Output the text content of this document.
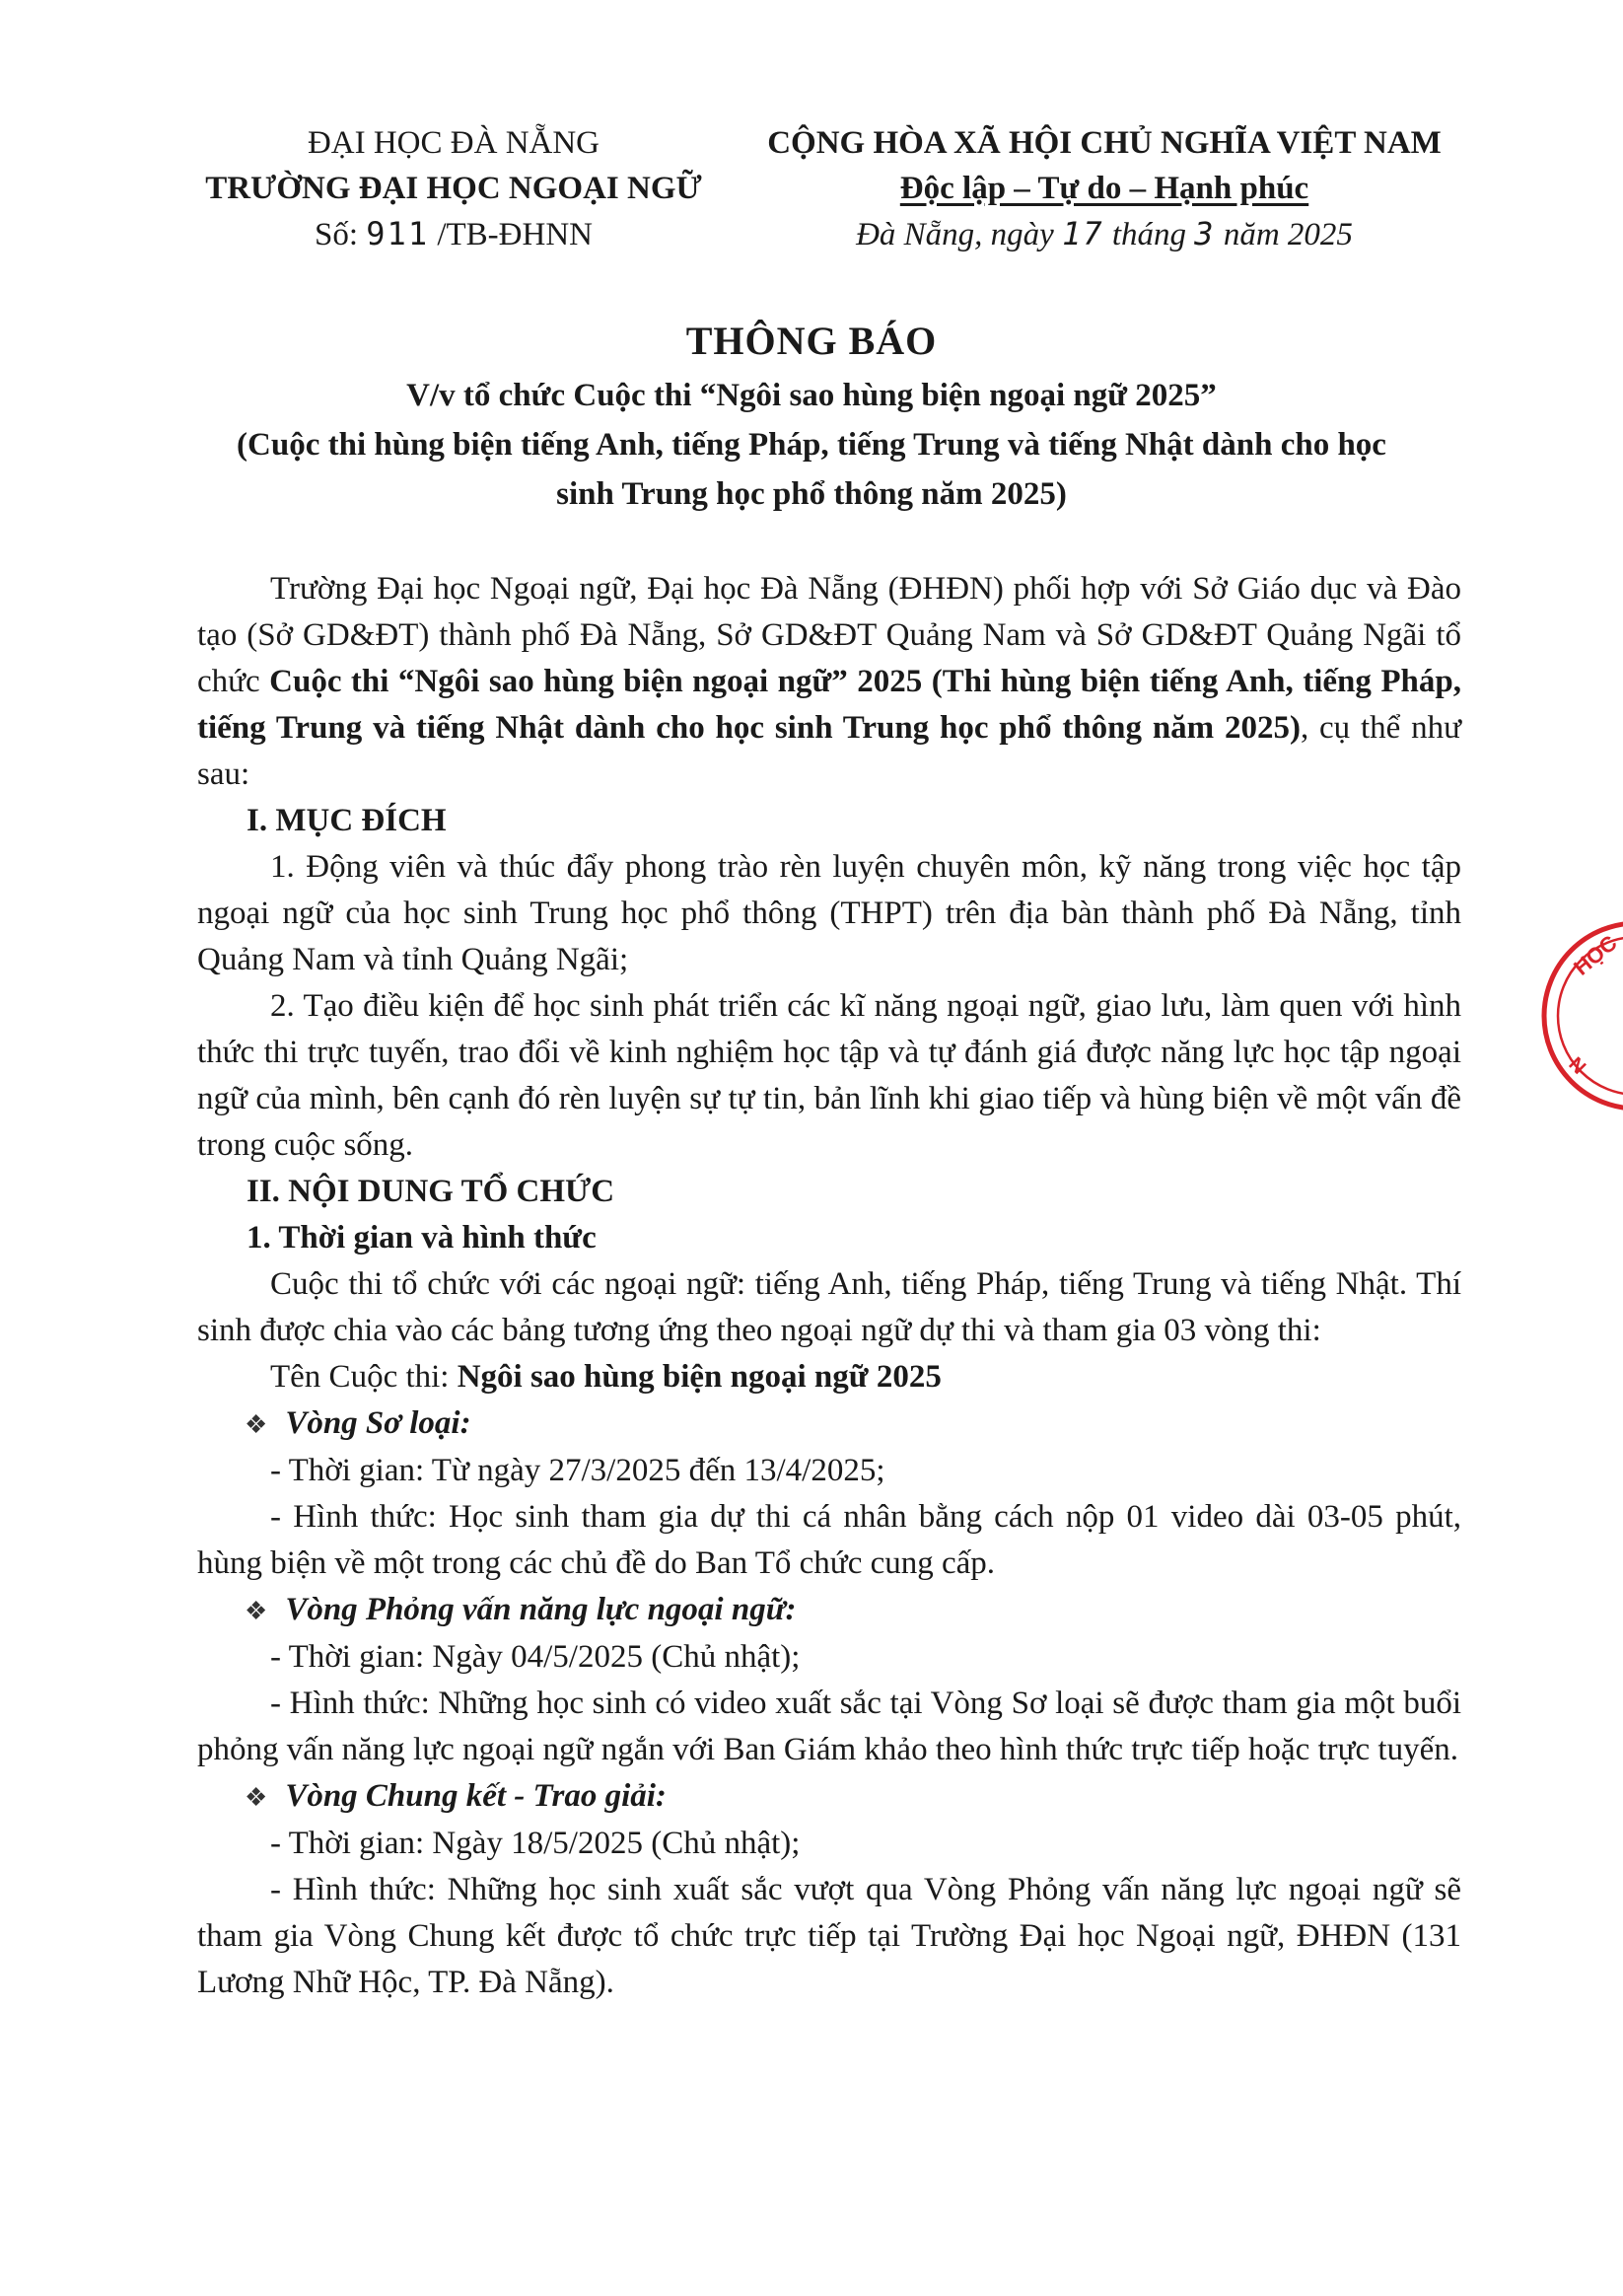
ĐẠI HỌC ĐÀ NẴNG
TRƯỜNG ĐẠI HỌC NGOẠI NGỮ
Số: 911 /TB-ĐHNN
CỘNG HÒA XÃ HỘI CHỦ NGHĨA VIỆT NAM
Độc lập – Tự do – Hạnh phúc
Đà Nẵng, ngày 17 tháng 3 năm 2025
THÔNG BÁO
V/v tổ chức Cuộc thi “Ngôi sao hùng biện ngoại ngữ 2025”
(Cuộc thi hùng biện tiếng Anh, tiếng Pháp, tiếng Trung và tiếng Nhật dành cho học
sinh Trung học phổ thông năm 2025)

Trường Đại học Ngoại ngữ, Đại học Đà Nẵng (ĐHĐN) phối hợp với Sở Giáo dục và Đào tạo (Sở GD&ĐT) thành phố Đà Nẵng, Sở GD&ĐT Quảng Nam và Sở GD&ĐT Quảng Ngãi tổ chức Cuộc thi “Ngôi sao hùng biện ngoại ngữ” 2025 (Thi hùng biện tiếng Anh, tiếng Pháp, tiếng Trung và tiếng Nhật dành cho học sinh Trung học phổ thông năm 2025), cụ thể như sau:

I. MỤC ĐÍCH

1. Động viên và thúc đẩy phong trào rèn luyện chuyên môn, kỹ năng trong việc học tập ngoại ngữ của học sinh Trung học phổ thông (THPT) trên địa bàn thành phố Đà Nẵng, tỉnh Quảng Nam và tỉnh Quảng Ngãi;

2. Tạo điều kiện để học sinh phát triển các kĩ năng ngoại ngữ, giao lưu, làm quen với hình thức thi trực tuyến, trao đổi về kinh nghiệm học tập và tự đánh giá được năng lực học tập ngoại ngữ của mình, bên cạnh đó rèn luyện sự tự tin, bản lĩnh khi giao tiếp và hùng biện về một vấn đề trong cuộc sống.

II. NỘI DUNG TỔ CHỨC

1. Thời gian và hình thức

Cuộc thi tổ chức với các ngoại ngữ: tiếng Anh, tiếng Pháp, tiếng Trung và tiếng Nhật. Thí sinh được chia vào các bảng tương ứng theo ngoại ngữ dự thi và tham gia 03 vòng thi:

Tên Cuộc thi: Ngôi sao hùng biện ngoại ngữ 2025

❖ Vòng Sơ loại:

- Thời gian: Từ ngày 27/3/2025 đến 13/4/2025;

- Hình thức: Học sinh tham gia dự thi cá nhân bằng cách nộp 01 video dài 03-05 phút, hùng biện về một trong các chủ đề do Ban Tổ chức cung cấp.

❖ Vòng Phỏng vấn năng lực ngoại ngữ:

- Thời gian: Ngày 04/5/2025 (Chủ nhật);

- Hình thức: Những học sinh có video xuất sắc tại Vòng Sơ loại sẽ được tham gia một buổi phỏng vấn năng lực ngoại ngữ ngắn với Ban Giám khảo theo hình thức trực tiếp hoặc trực tuyến.

❖ Vòng Chung kết - Trao giải:

- Thời gian: Ngày 18/5/2025 (Chủ nhật);

- Hình thức: Những học sinh xuất sắc vượt qua Vòng Phỏng vấn năng lực ngoại ngữ sẽ tham gia Vòng Chung kết được tổ chức trực tiếp tại Trường Đại học Ngoại ngữ, ĐHĐN (131 Lương Nhữ Hộc, TP. Đà Nẵng).

HỌC
N
